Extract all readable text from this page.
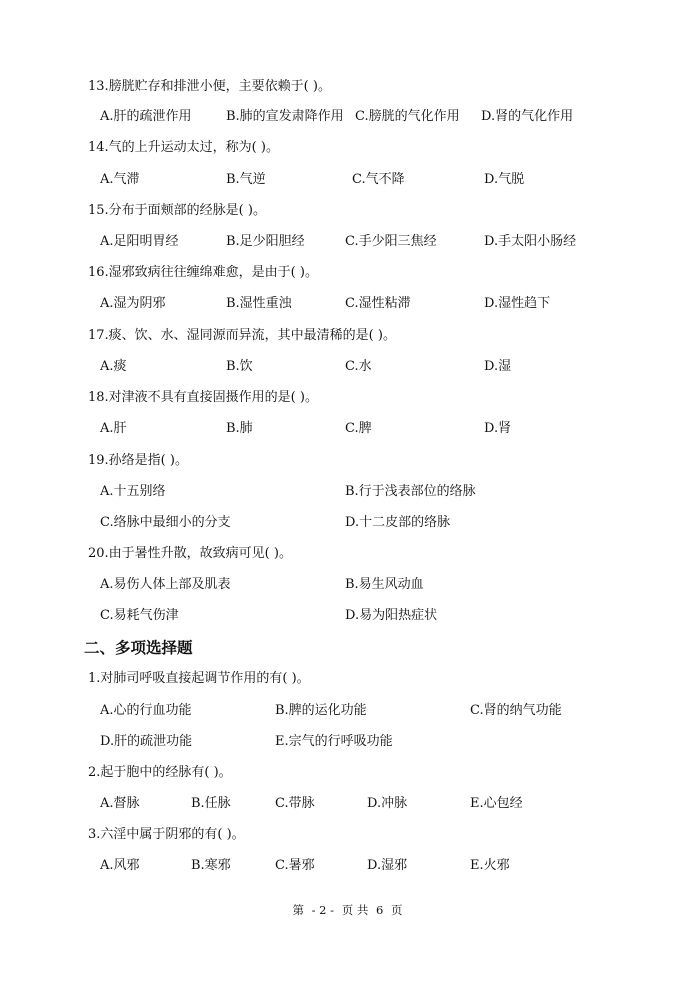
13.膀胱贮存和排泄小便，主要依赖于( )。
A.肝的疏泄作用	B.肺的宣发肃降作用 C.膀胱的气化作用 D.肾的气化作用
14.气的上升运动太过，称为( )。
A.气滞	B.气逆	C.气不降	D.气脱
15.分布于面颊部的经脉是( )。
A.足阳明胃经	B.足少阳胆经	C.手少阳三焦经	D.手太阳小肠经
16.湿邪致病往往缠绵难愈，是由于( )。
A.湿为阴邪	B.湿性重浊	C.湿性粘滞	D.湿性趋下
17.痰、饮、水、湿同源而异流，其中最清稀的是( )。
A.痰	B.饮	C.水	D.湿
18.对津液不具有直接固摄作用的是( )。
A.肝	B.肺	C.脾	D.肾
19.孙络是指( )。
A.十五别络	B.行于浅表部位的络脉
C.络脉中最细小的分支	D.十二皮部的络脉
20.由于暑性升散，故致病可见( )。
A.易伤人体上部及肌表	B.易生风动血
C.易耗气伤津	D.易为阳热症状
二、多项选择题
1.对肺司呼吸直接起调节作用的有( )。
A.心的行血功能	B.脾的运化功能	C.肾的纳气功能
D.肝的疏泄功能	E.宗气的行呼吸功能
2.起于胞中的经脉有( )。
A.督脉	B.任脉	C.带脉	D.冲脉	E.心包经
3.六淫中属于阴邪的有( )。
A.风邪	B.寒邪	C.暑邪	D.湿邪	E.火邪
第 - 2 - 页 共 6 页
